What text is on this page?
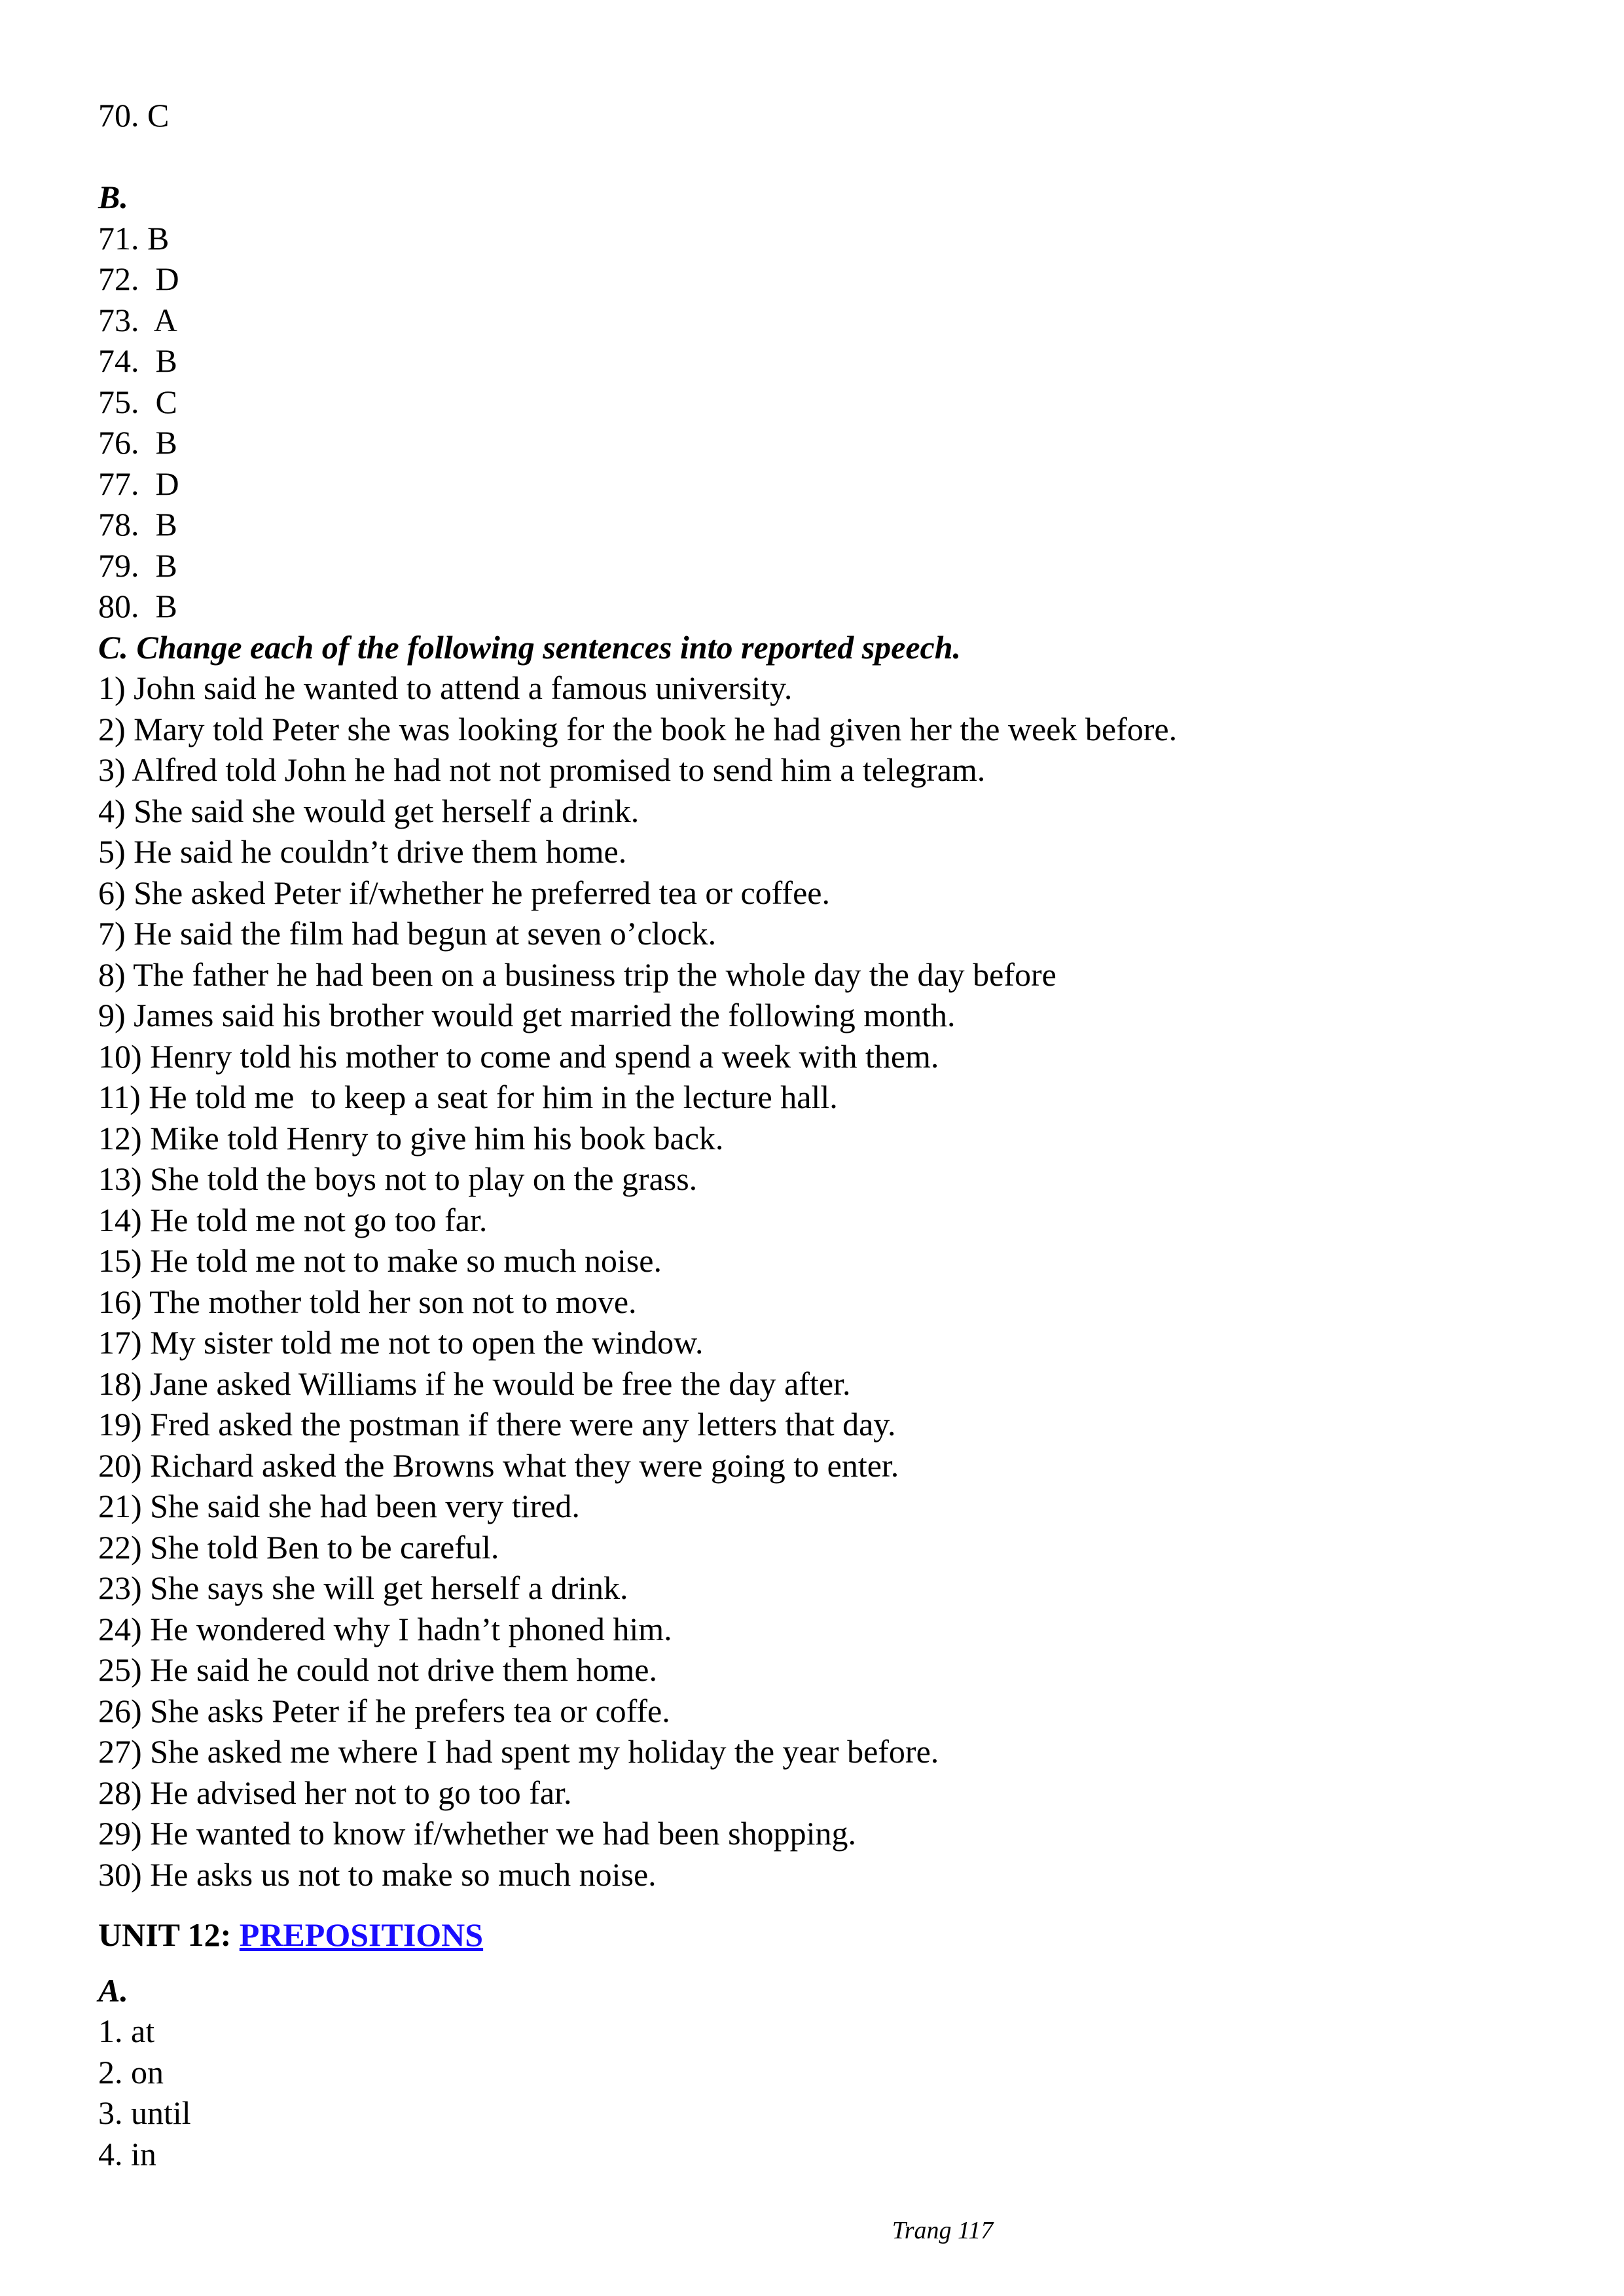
70. C
B.
71. B
72.  D
73.  A
74.  B
75.  C
76.  B
77.  D
78.  B
79.  B
80.  B
C. Change each of the following sentences into reported speech.
1) John said he wanted to attend a famous university.
2) Mary told Peter she was looking for the book he had given her the week before.
3) Alfred told John he had not not promised to send him a telegram.
4) She said she would get herself a drink.
5) He said he couldn’t drive them home.
6) She asked Peter if/whether he preferred tea or coffee.
7) He said the film had begun at seven o’clock.
8) The father he had been on a business trip the whole day the day before
9) James said his brother would get married the following month.
10) Henry told his mother to come and spend a week with them.
11) He told me  to keep a seat for him in the lecture hall.
12) Mike told Henry to give him his book back.
13) She told the boys not to play on the grass.
14) He told me not go too far.
15) He told me not to make so much noise.
16) The mother told her son not to move.
17) My sister told me not to open the window.
18) Jane asked Williams if he would be free the day after.
19) Fred asked the postman if there were any letters that day.
20) Richard asked the Browns what they were going to enter.
21) She said she had been very tired.
22) She told Ben to be careful.
23) She says she will get herself a drink.
24) He wondered why I hadn’t phoned him.
25) He said he could not drive them home.
26) She asks Peter if he prefers tea or coffe.
27) She asked me where I had spent my holiday the year before.
28) He advised her not to go too far.
29) He wanted to know if/whether we had been shopping.
30) He asks us not to make so much noise.
UNIT 12: PREPOSITIONS
A.
1. at
2. on
3. until
4. in
Trang 117
